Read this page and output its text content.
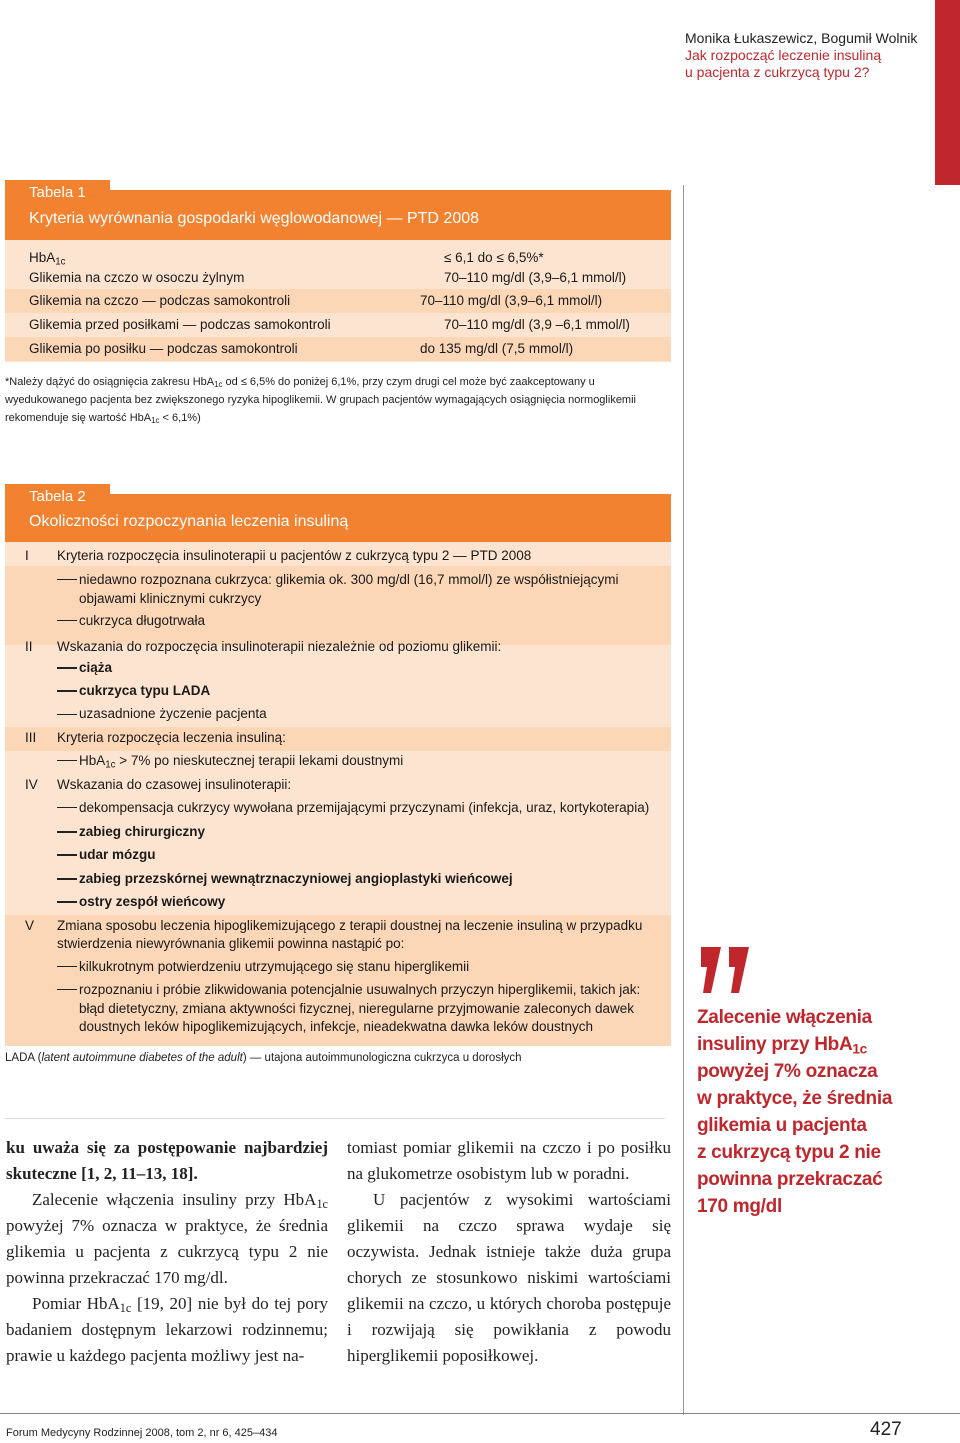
Monika Łukaszewicz, Bogumił Wolnik
Jak rozpocząć leczenie insuliną
u pacjenta z cukrzycą typu 2?
Kryteria wyrównania gospodarki węglowodanowej — PTD 2008
Tabela 1
HbA$_{1c}$	≤ 6,1 do ≤ 6,5%*
Glikemia na czczo w osoczu żylnym	70–110 mg/dl (3,9–6,1 mmol/l)
Glikemia na czczo — podczas samokontroli	70–110 mg/dl (3,9–6,1 mmol/l)
Glikemia przed posiłkami — podczas samokontroli	70–110 mg/dl (3,9 –6,1 mmol/l)
Glikemia po posiłku — podczas samokontroli	do 135 mg/dl (7,5 mmol/l)
*Należy dążyć do osiągnięcia zakresu HbA$_{1c}$ od ≤ 6,5% do poniżej 6,1%, przy czym drugi cel może być zaakceptowany u wyedukowanego pacjenta bez zwiększonego ryzyka hipoglikemii. W grupach pacjentów wymagających osiągnięcia normoglikemii rekomenduje się wartość HbA$_{1c}$ < 6,1%)
Okoliczności rozpoczynania leczenia insuliną
Tabela 2
I Kryteria rozpoczęcia insulinoterapii u pacjentów z cukrzycą typu 2 — PTD 2008
niedawno rozpoznana cukrzyca: glikemia ok. 300 mg/dl (16,7 mmol/l) ze współistniejącymi
objawami klinicznymi cukrzycy
cukrzyca długotrwała
II Wskazania do rozpoczęcia insulinoterapii niezależnie od poziomu glikemii:
ciąża
cukrzyca typu LADA
uzasadnione życzenie pacjenta
III Kryteria rozpoczęcia leczenia insuliną:
HbA$_{1c}$ > 7% po nieskutecznej terapii lekami doustnymi
IV Wskazania do czasowej insulinoterapii:
dekompensacja cukrzycy wywołana przemijającymi przyczynami (infekcja, uraz, kortykoterapia)
zabieg chirurgiczny
udar mózgu
zabieg przezskórnej wewnątrznaczyniowej angioplastyki wieńcowej
ostry zespół wieńcowy
V Zmiana sposobu leczenia hipoglikemizującego z terapii doustnej na leczenie insuliną w przypadku
stwierdzenia niewyrównania glikemii powinna nastąpić po:
kilkukrotnym potwierdzeniu utrzymującego się stanu hiperglikemii
rozpoznaniu i próbie zlikwidowania potencjalnie usuwalnych przyczyn hiperglikemii, takich jak:
błąd dietetyczny, zmiana aktywności fizycznej, nieregularne przyjmowanie zaleconych dawek
doustnych leków hipoglikemizujących, infekcje, nieadekwatna dawka leków doustnych
LADA (latent autoimmune diabetes of the adult) — utajona autoimmunologiczna cukrzyca u dorosłych
Zalecenie włączenia
insuliny przy HbA$_{1c}$
powyżej 7% oznacza
w praktyce, że średnia
glikemia u pacjenta
z cukrzycą typu 2 nie
powinna przekraczać
170 mg/dl

ku uważa się za postępowanie najbardziej skuteczne [1, 2, 11–13, 18].

Zalecenie włączenia insuliny przy HbA$_{1c}$ powyżej 7% oznacza w praktyce, że średnia glikemia u pacjenta z cukrzycą typu 2 nie powinna przekraczać 170 mg/dl.

Pomiar HbA$_{1c}$ [19, 20] nie był do tej pory badaniem dostępnym lekarzowi rodzinnemu; prawie u każdego pacjenta możliwy jest na-

tomiast pomiar glikemii na czczo i po posiłku na glukometrze osobistym lub w poradni.

U pacjentów z wysokimi wartościami glikemii na czczo sprawa wydaje się oczywista. Jednak istnieje także duża grupa chorych ze stosunkowo niskimi wartościami glikemii na czczo, u których choroba postępuje i rozwijają się powikłania z powodu hiperglikemii poposiłkowej.

Forum Medycyny Rodzinnej 2008, tom 2, nr 6, 425–434	427
